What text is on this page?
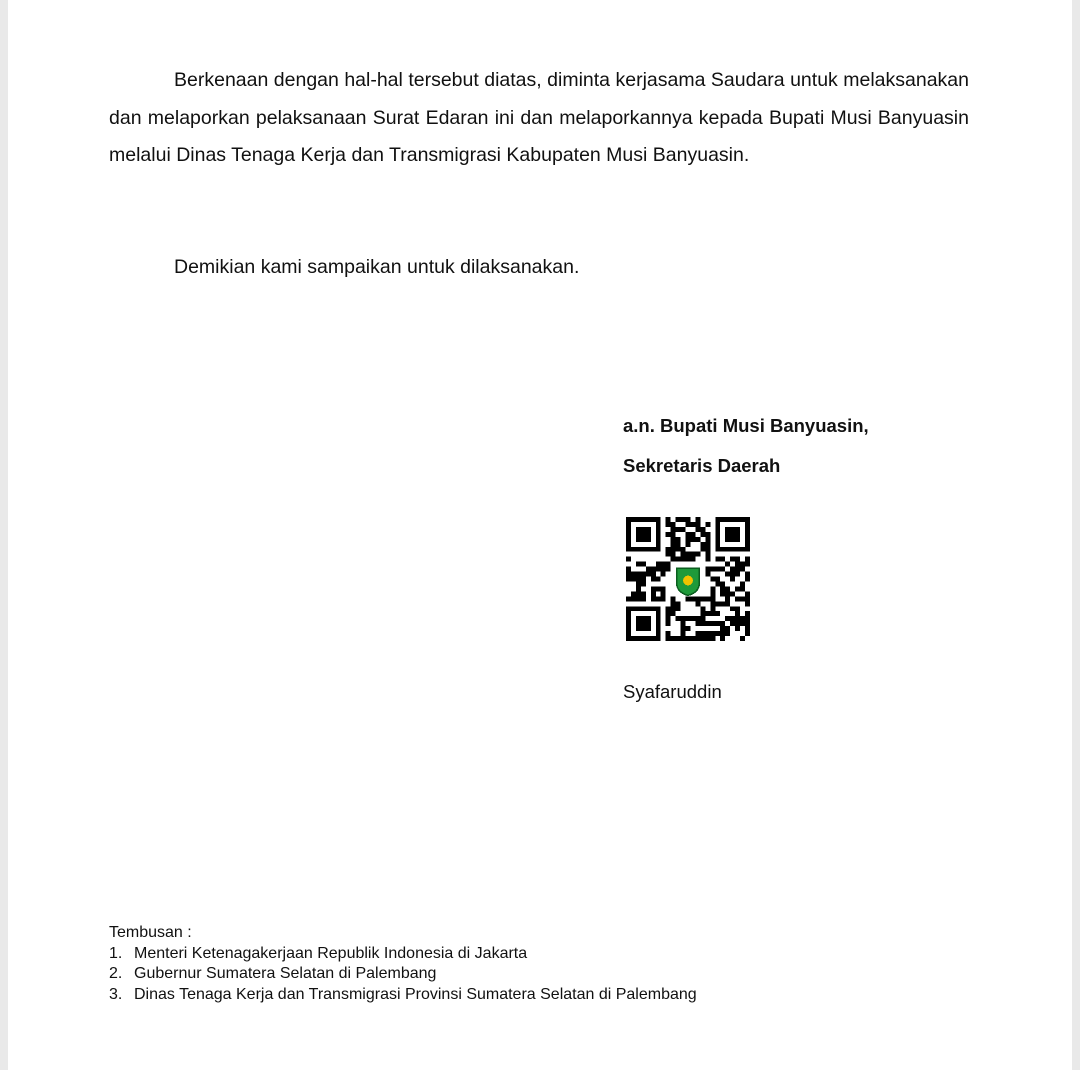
Berkenaan dengan hal-hal tersebut diatas, diminta kerjasama Saudara untuk melaksanakan dan melaporkan pelaksanaan Surat Edaran ini dan melaporkannya kepada Bupati Musi Banyuasin melalui Dinas Tenaga Kerja dan Transmigrasi Kabupaten Musi Banyuasin.

Demikian kami sampaikan untuk dilaksanakan.

a.n. Bupati Musi Banyuasin,

Sekretaris Daerah

Syafaruddin

Tembusan :
1. Menteri Ketenagakerjaan Republik Indonesia di Jakarta
2. Gubernur Sumatera Selatan di Palembang
3. Dinas Tenaga Kerja dan Transmigrasi Provinsi Sumatera Selatan di Palembang
